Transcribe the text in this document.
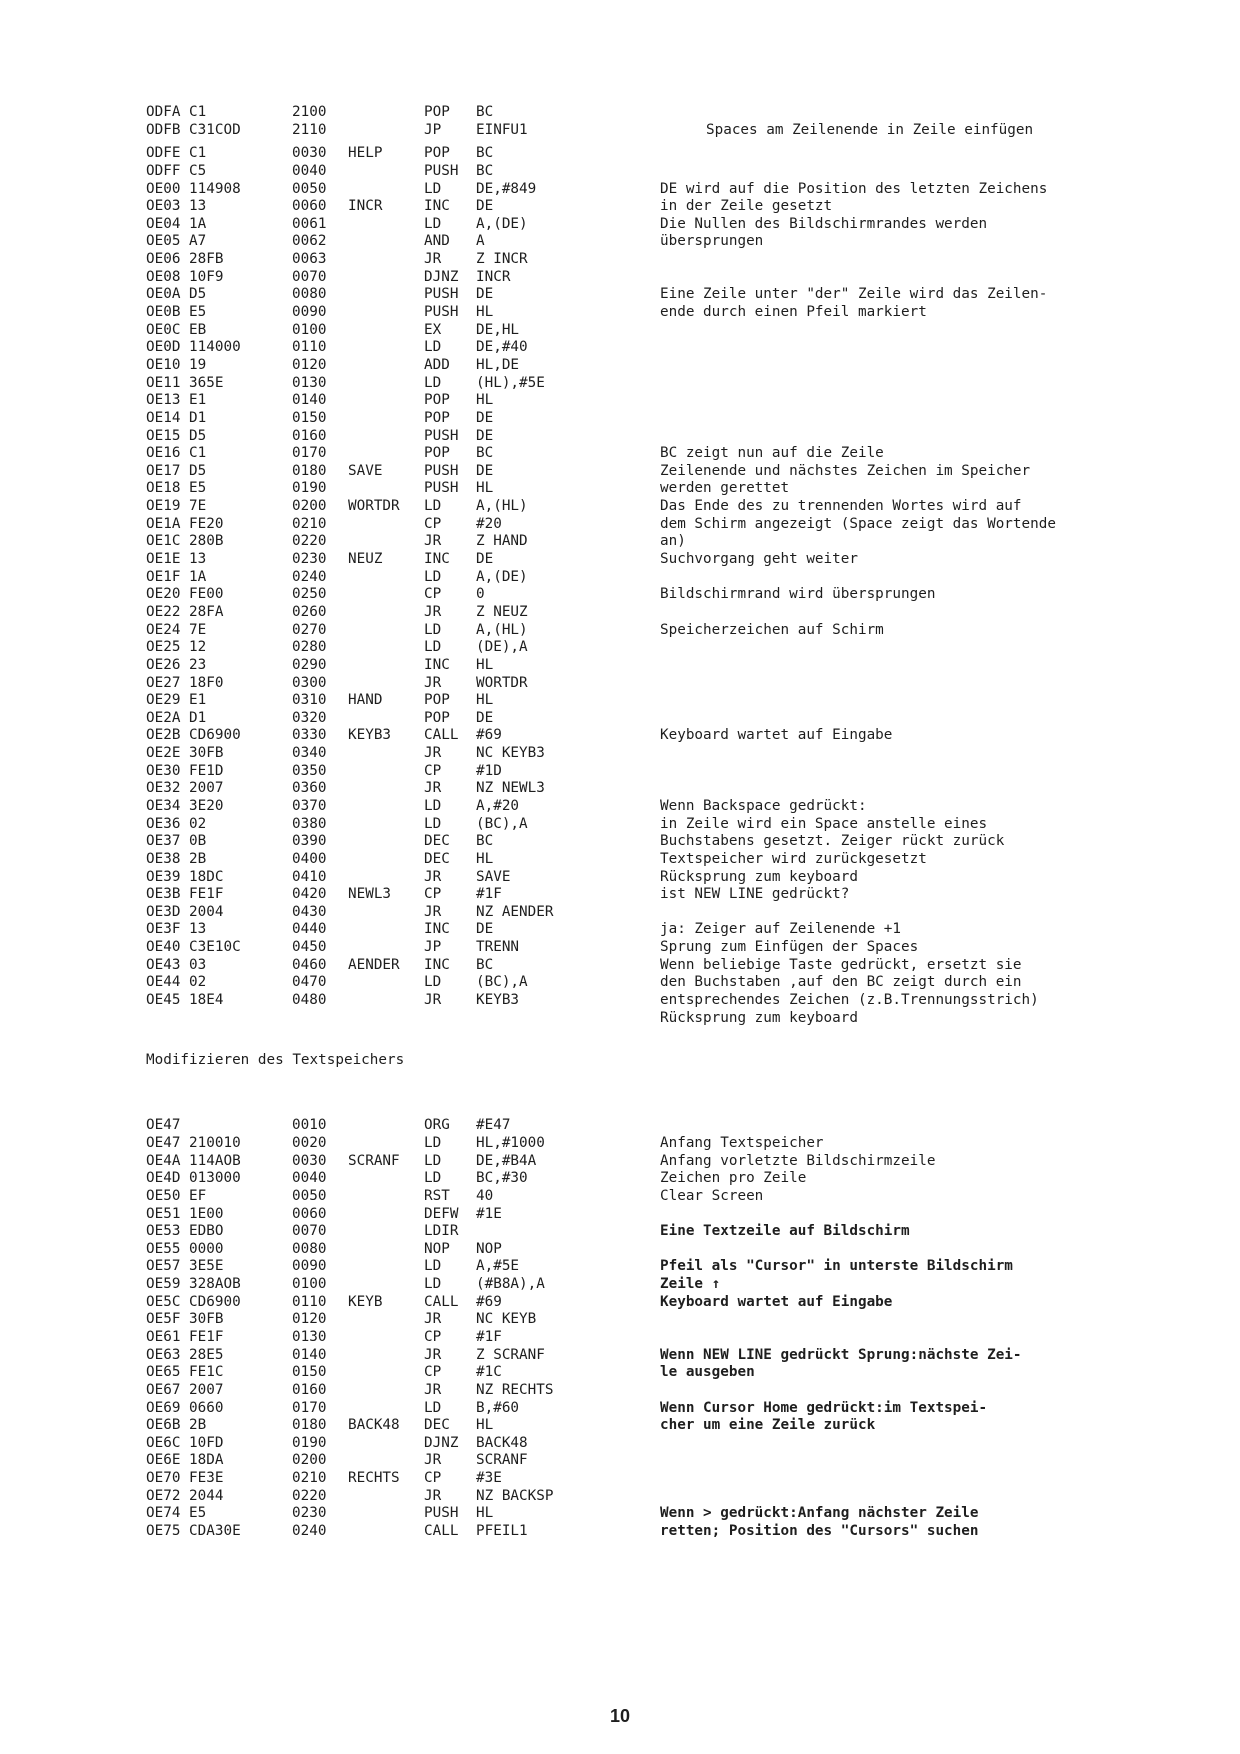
ODFA C1	2100	POP BC
ODFB C31COD	2110	JP EINFU1	Spaces am Zeilenende in Zeile einfügen
ODFE C1	0030 HELP	POP BC
ODFF C5	0040	PUSH BC
OE00 114908	0050	LD DE,#849	DE wird auf die Position des letzten Zeichens
OE03 13	0060 INCR	INC DE	in der Zeile gesetzt
OE04 1A	0061	LD A,(DE)	Die Nullen des Bildschirmrandes werden
OE05 A7	0062	AND A	übersprungen
OE06 28FB	0063	JR Z INCR
OE08 10F9	0070	DJNZ INCR
OE0A D5	0080	PUSH DE	Eine Zeile unter "der" Zeile wird das Zeilen-
OE0B E5	0090	PUSH HL	ende durch einen Pfeil markiert
OE0C EB	0100	EX DE,HL
OE0D 114000	0110	LD DE,#40
OE10 19	0120	ADD HL,DE
OE11 365E	0130	LD (HL),#5E
OE13 E1	0140	POP HL
OE14 D1	0150	POP DE
OE15 D5	0160	PUSH DE
OE16 C1	0170	POP BC	BC zeigt nun auf die Zeile
OE17 D5	0180 SAVE	PUSH DE	Zeilenende und nächstes Zeichen im Speicher
OE18 E5	0190	PUSH HL	werden gerettet
OE19 7E	0200 WORTDR LD A,(HL)	Das Ende des zu trennenden Wortes wird auf
OE1A FE20	0210	CP #20	dem Schirm angezeigt (Space zeigt das Wortende
OE1C 280B	0220	JR Z HAND	an)
OE1E 13	0230 NEUZ	INC DE	Suchvorgang geht weiter
OE1F 1A	0240	LD A,(DE)
OE20 FE00	0250	CP 0	Bildschirmrand wird übersprungen
OE22 28FA	0260	JR Z NEUZ
OE24 7E	0270	LD A,(HL)	Speicherzeichen auf Schirm
OE25 12	0280	LD (DE),A
OE26 23	0290	INC HL
OE27 18F0	0300	JR WORTDR
OE29 E1	0310 HAND	POP HL
OE2A D1	0320	POP DE
OE2B CD6900	0330 KEYB3 CALL #69	Keyboard wartet auf Eingabe
OE2E 30FB	0340	JR NC KEYB3
OE30 FE1D	0350	CP #1D
OE32 2007	0360	JR NZ NEWL3
OE34 3E20	0370	LD A,#20	Wenn Backspace gedrückt:
OE36 02	0380	LD (BC),A	in Zeile wird ein Space anstelle eines
OE37 0B	0390	DEC BC	Buchstabens gesetzt. Zeiger rückt zurück
OE38 2B	0400	DEC HL	Textspeicher wird zurückgesetzt
OE39 18DC	0410	JR SAVE	Rücksprung zum keyboard
OE3B FE1F	0420 NEWL3 CP #1F	ist NEW LINE gedrückt?
OE3D 2004	0430	JR NZ AENDER
OE3F 13	0440	INC DE	ja: Zeiger auf Zeilenende +1
OE40 C3E10C	0450	JP TRENN	Sprung zum Einfügen der Spaces
OE43 03	0460 AENDER INC BC	Wenn beliebige Taste gedrückt, ersetzt sie
OE44 02	0470	LD (BC),A	den Buchstaben ,auf den BC zeigt durch ein
OE45 18E4	0480	JR KEYB3	entsprechendes Zeichen (z.B.Trennungsstrich)
Rücksprung zum keyboard
Modifizieren des Textspeichers
OE47	0010	ORG #E47
OE47 210010	0020	LD HL,#1000	Anfang Textspeicher
OE4A 114AOB	0030 SCRANF LD DE,#B4A	Anfang vorletzte Bildschirmzeile
OE4D 013000	0040	LD BC,#30	Zeichen pro Zeile
OE50 EF	0050	RST 40	Clear Screen
OE51 1E00	0060	DEFW #1E
OE53 EDBO	0070	LDIR	Eine Textzeile auf Bildschirm
OE55 0000	0080	NOP NOP
OE57 3E5E	0090	LD A,#5E	Pfeil als "Cursor" in unterste Bildschirm
OE59 328AOB	0100	LD (#B8A),A	Zeile ↑
OE5C CD6900	0110 KEYB	CALL #69	Keyboard wartet auf Eingabe
OE5F 30FB	0120	JR NC KEYB
OE61 FE1F	0130	CP #1F
OE63 28E5	0140	JR Z SCRANF	Wenn NEW LINE gedrückt Sprung:nächste Zei-
OE65 FE1C	0150	CP #1C	le ausgeben
OE67 2007	0160	JR NZ RECHTS
OE69 0660	0170	LD B,#60	Wenn Cursor Home gedrückt:im Textspei-
OE6B 2B	0180 BACK48 DEC HL	cher um eine Zeile zurück
OE6C 10FD	0190	DJNZ BACK48
OE6E 18DA	0200	JR SCRANF
OE70 FE3E	0210 RECHTS CP #3E
OE72 2044	0220	JR NZ BACKSP
OE74 E5	0230	PUSH HL	Wenn > gedrückt:Anfang nächster Zeile
OE75 CDA30E	0240	CALL PFEIL1	retten; Position des "Cursors" suchen
10
